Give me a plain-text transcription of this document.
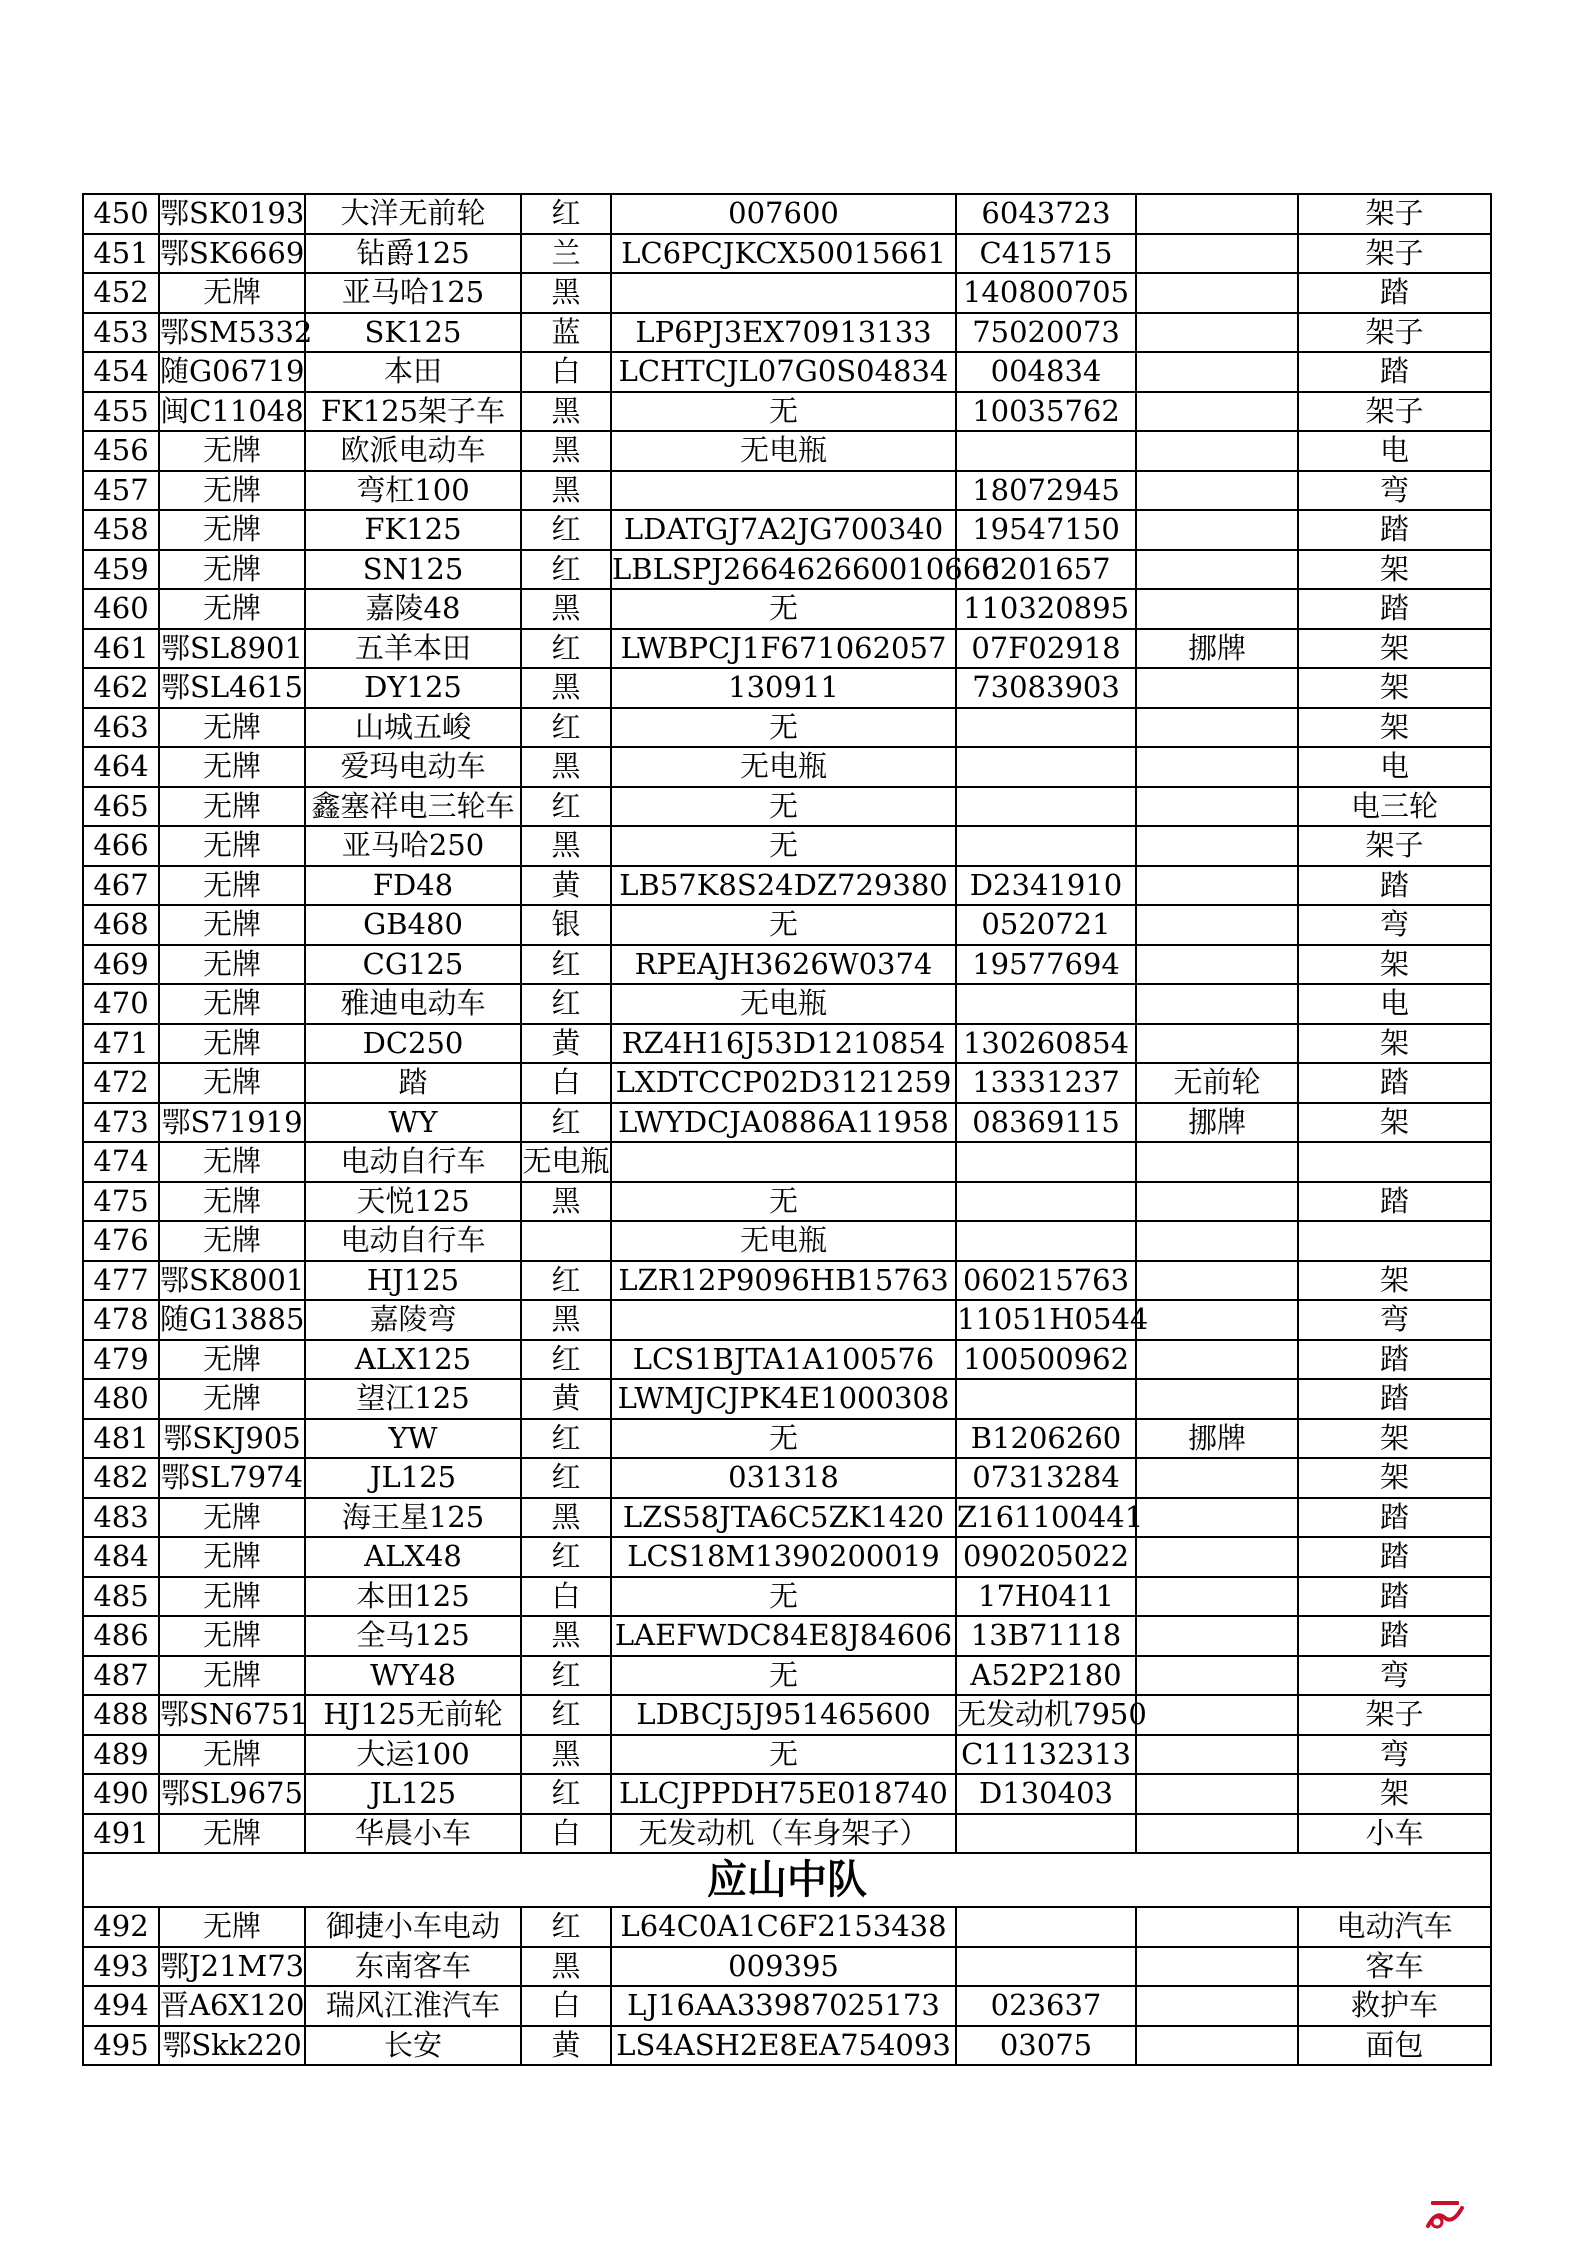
450	鄂SK0193	大洋无前轮	红	007600	6043723		架子
451	鄂SK6669	钻爵125	兰	LC6PCJKCX50015661	C415715		架子
452	无牌	亚马哈125	黑		140800705		踏
453	鄂SM5332	SK125	蓝	LP6PJ3EX70913133	75020073		架子
454	随G06719	本田	白	LCHTCJL07G0S04834	004834		踏
455	闽C11048	FK125架子车	黑	无	10035762		架子
456	无牌	欧派电动车	黑	无电瓶			电
457	无牌	弯杠100	黑		18072945		弯
458	无牌	FK125	红	LDATGJ7A2JG700340	19547150		踏
459	无牌	SN125	红	LBLSPJ266462660010660	6201657		架
460	无牌	嘉陵48	黑	无	110320895		踏
461	鄂SL8901	五羊本田	红	LWBPCJ1F671062057	07F02918	挪牌	架
462	鄂SL4615	DY125	黑	130911	73083903		架
463	无牌	山城五峻	红	无			架
464	无牌	爱玛电动车	黑	无电瓶			电
465	无牌	鑫塞祥电三轮车	红	无			电三轮
466	无牌	亚马哈250	黑	无			架子
467	无牌	FD48	黄	LB57K8S24DZ729380	D2341910		踏
468	无牌	GB480	银	无	0520721		弯
469	无牌	CG125	红	RPEAJH3626W0374	19577694		架
470	无牌	雅迪电动车	红	无电瓶			电
471	无牌	DC250	黄	RZ4H16J53D1210854	130260854		架
472	无牌	踏	白	LXDTCCP02D3121259	13331237	无前轮	踏
473	鄂S71919	WY	红	LWYDCJA0886A11958	08369115	挪牌	架
474	无牌	电动自行车	无电瓶				
475	无牌	天悦125	黑	无			踏
476	无牌	电动自行车		无电瓶			
477	鄂SK8001	HJ125	红	LZR12P9096HB15763	060215763		架
478	随G13885	嘉陵弯	黑		11051H0544		弯
479	无牌	ALX125	红	LCS1BJTA1A100576	100500962		踏
480	无牌	望江125	黄	LWMJCJPK4E1000308			踏
481	鄂SKJ905	YW	红	无	B1206260	挪牌	架
482	鄂SL7974	JL125	红	031318	07313284		架
483	无牌	海王星125	黑	LZS58JTA6C5ZK1420	Z161100441		踏
484	无牌	ALX48	红	LCS18M1390200019	090205022		踏
485	无牌	本田125	白	无	17H0411		踏
486	无牌	全马125	黑	LAEFWDC84E8J84606	13B71118		踏
487	无牌	WY48	红	无	A52P2180		弯
488	鄂SN6751	HJ125无前轮	红	LDBCJ5J951465600	无发动机7950		架子
489	无牌	大运100	黑	无	C11132313		弯
490	鄂SL9675	JL125	红	LLCJPPDH75E018740	D130403		架
491	无牌	华晨小车	白	无发动机（车身架子）			小车
应山中队							
492	无牌	御捷小车电动	红	L64C0A1C6F2153438			电动汽车
493	鄂J21M73	东南客车	黑	009395			客车
494	晋A6X120	瑞风江淮汽车	白	LJ16AA33987025173	023637		救护车
495	鄂Skk220	长安	黄	LS4ASH2E8EA754093	03075		面包
